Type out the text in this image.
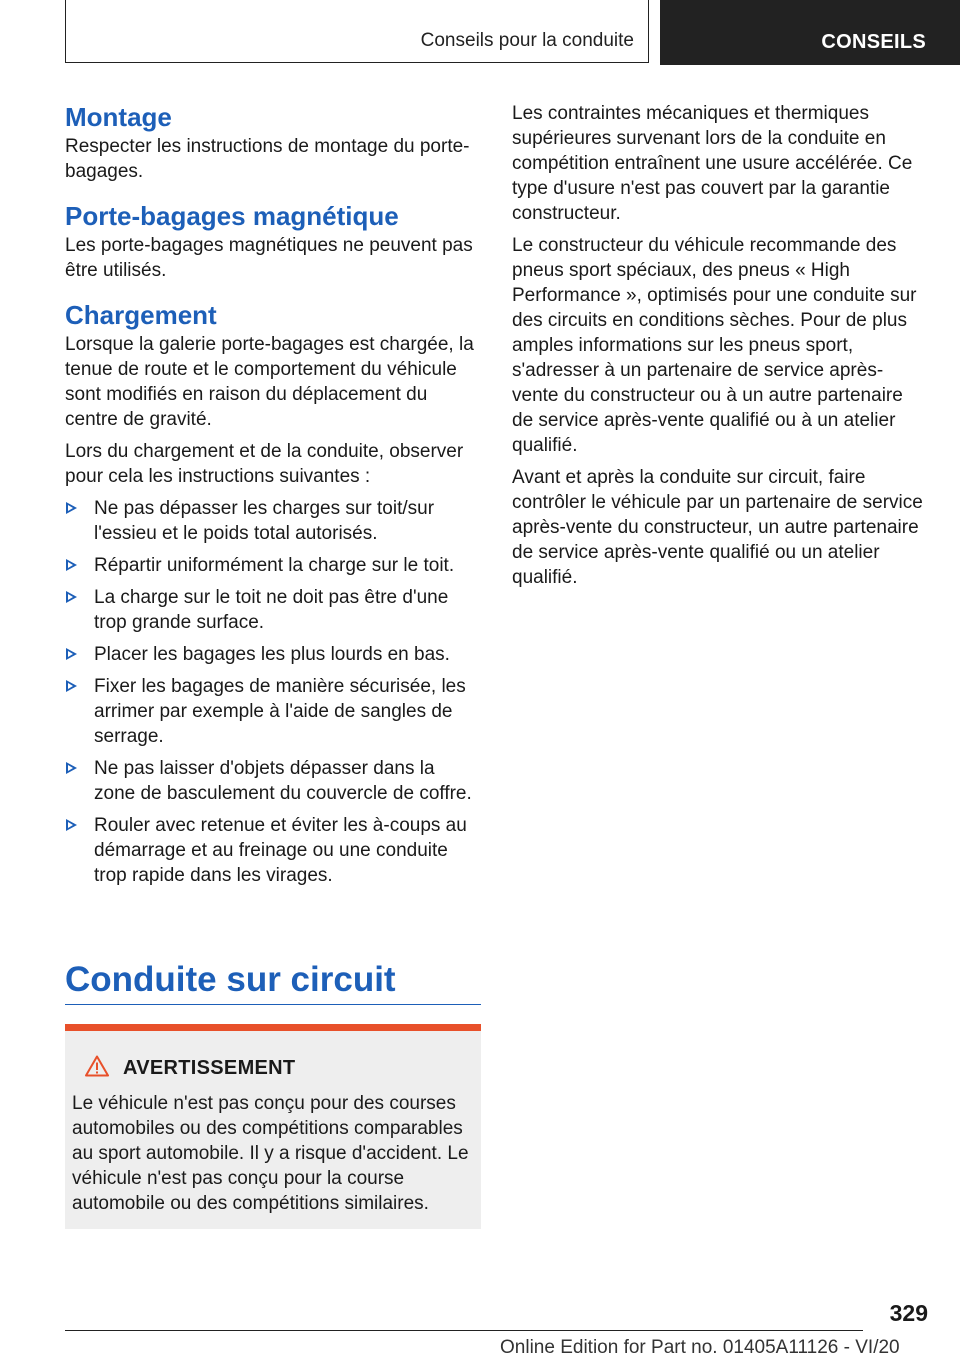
Conseils pour la conduite	CONSEILS
Montage

Respecter les instructions de montage du porte-bagages.

Porte-bagages magnétique

Les porte-bagages magnétiques ne peuvent pas être utilisés.

Chargement

Lorsque la galerie porte-bagages est chargée, la tenue de route et le comportement du véhicule sont modifiés en raison du déplacement du centre de gravité.

Lors du chargement et de la conduite, observer pour cela les instructions suivantes :

Ne pas dépasser les charges sur toit/sur l'essieu et le poids total autorisés.
Répartir uniformément la charge sur le toit.
La charge sur le toit ne doit pas être d'une trop grande surface.
Placer les bagages les plus lourds en bas.
Fixer les bagages de manière sécurisée, les arrimer par exemple à l'aide de sangles de serrage.
Ne pas laisser d'objets dépasser dans la zone de basculement du couvercle de coffre.
Rouler avec retenue et éviter les à-coups au démarrage et au freinage ou une conduite trop rapide dans les virages.
Conduite sur circuit
AVERTISSEMENT
Le véhicule n'est pas conçu pour des courses automobiles ou des compétitions comparables au sport automobile. Il y a risque d'accident. Le véhicule n'est pas conçu pour la course automobile ou des compétitions similaires.

Les contraintes mécaniques et thermiques supérieures survenant lors de la conduite en compétition entraînent une usure accélérée. Ce type d'usure n'est pas couvert par la garantie constructeur.

Le constructeur du véhicule recommande des pneus sport spéciaux, des pneus « High Performance », optimisés pour une conduite sur des circuits en conditions sèches. Pour de plus amples informations sur les pneus sport, s'adresser à un partenaire de service après-vente du constructeur ou à un autre partenaire de service après-vente qualifié ou à un atelier qualifié.

Avant et après la conduite sur circuit, faire contrôler le véhicule par un partenaire de service après-vente du constructeur, un autre partenaire de service après-vente qualifié ou un atelier qualifié.

329
Online Edition for Part no. 01405A11126 - VI/20
